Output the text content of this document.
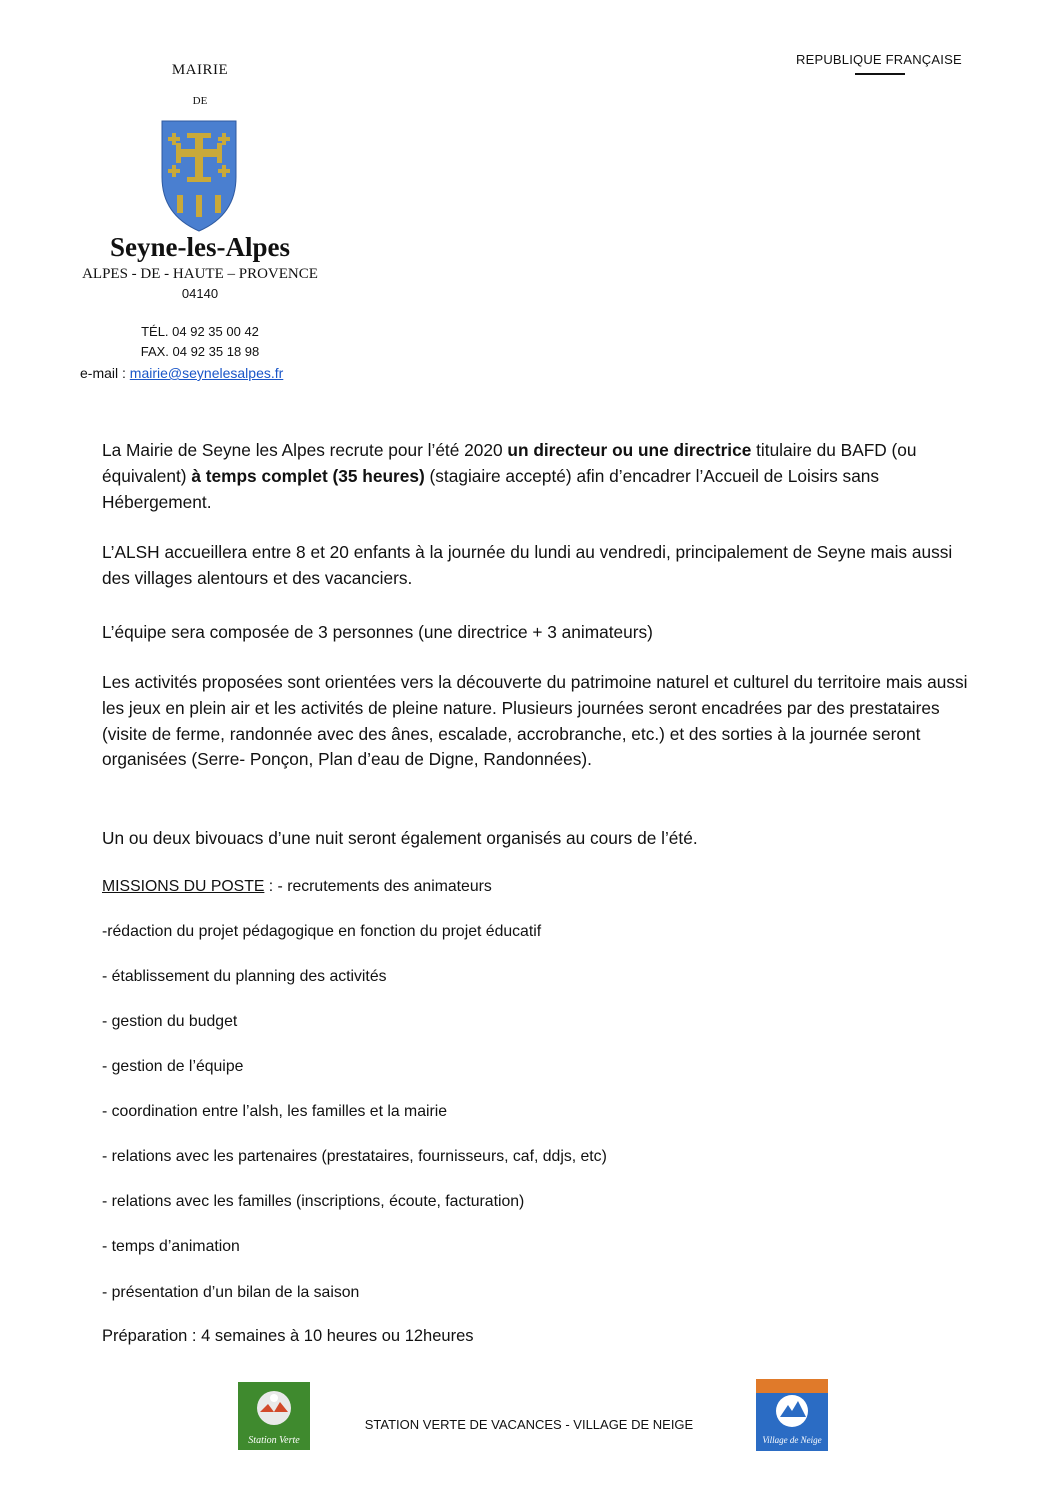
REPUBLIQUE FRANÇAISE
MAIRIE
DE
Seyne-les-Alpes
ALPES - DE - HAUTE – PROVENCE
04140
TÉL. 04 92 35 00 42
FAX. 04 92 35 18 98
e-mail : mairie@seynelesalpes.fr
La Mairie de Seyne les Alpes recrute pour l’été 2020 un directeur ou une directrice titulaire du BAFD (ou équivalent) à temps complet (35 heures) (stagiaire accepté) afin d’encadrer l’Accueil de Loisirs sans Hébergement.
L’ALSH accueillera entre 8 et 20 enfants à la journée du lundi au vendredi, principalement de Seyne mais aussi des villages alentours et des vacanciers.
L’équipe sera composée de 3 personnes (une directrice + 3 animateurs)
Les activités proposées sont orientées vers la découverte du patrimoine naturel et culturel du territoire mais aussi les jeux en plein air et les activités de pleine nature. Plusieurs journées seront encadrées par des prestataires (visite de ferme, randonnée avec des ânes, escalade, accrobranche, etc.) et des sorties à la journée seront organisées (Serre- Ponçon, Plan d’eau de Digne, Randonnées).
Un ou deux bivouacs d’une nuit seront également organisés au cours de l’été.
MISSIONS DU POSTE : - recrutements des animateurs
-rédaction du projet pédagogique en fonction du projet éducatif
- établissement du planning des activités
- gestion du budget
- gestion de l’équipe
- coordination entre l’alsh, les familles et la mairie
- relations avec les partenaires (prestataires, fournisseurs, caf, ddjs, etc)
- relations avec les familles (inscriptions, écoute, facturation)
- temps d’animation
- présentation d’un bilan de la saison
Préparation : 4 semaines à 10 heures ou 12heures
Station Verte
STATION VERTE DE VACANCES - VILLAGE DE NEIGE
Village de Neige
